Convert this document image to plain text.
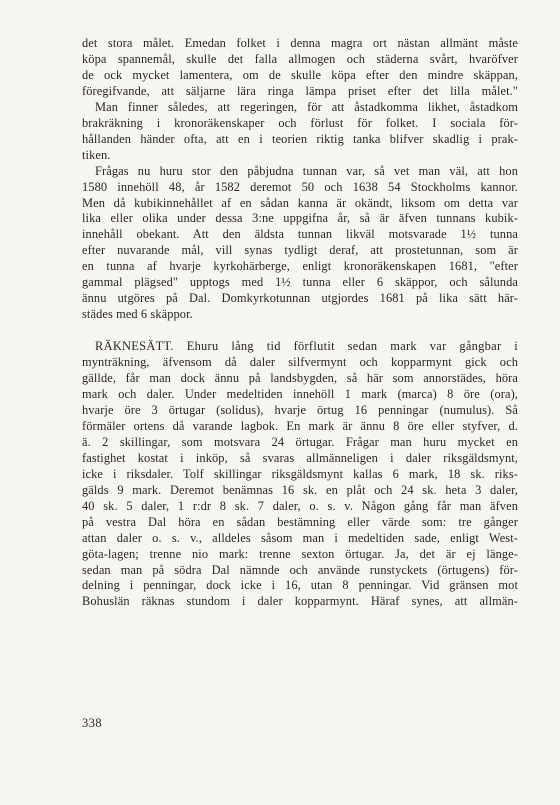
det stora målet. Emedan folket i denna magra ort nästan allmänt måste
köpa spannemål, skulle det falla allmogen och städerna svårt, hvaröfver
de ock mycket lamentera, om de skulle köpa efter den mindre skäppan,
föregifvande, att säljarne lära ringa lämpa priset efter det lilla målet."
Man finner således, att regeringen, för att åstadkomma likhet, åstadkom
brakräkning i kronoräkenskaper och förlust för folket. I sociala för-
hållanden händer ofta, att en i teorien riktig tanka blifver skadlig i prak-
tiken.
Frågas nu huru stor den påbjudna tunnan var, så vet man väl, att hon
1580 innehöll 48, år 1582 deremot 50 och 1638 54 Stockholms kannor.
Men då kubikinnehållet af en sådan kanna är okändt, liksom om detta var
lika eller olika under dessa 3:ne uppgifna år, så är äfven tunnans kubik-
innehåll obekant. Att den äldsta tunnan likväl motsvarade 1½ tunna
efter nuvarande mål, vill synas tydligt deraf, att prostetunnan, som är
en tunna af hvarje kyrkohärberge, enligt kronoräkenskapen 1681, "efter
gammal plägsed" upptogs med 1½ tunna eller 6 skäppor, och sålunda
ännu utgöres på Dal. Domkyrkotunnan utgjordes 1681 på lika sätt här-
städes med 6 skäppor.
RÄKNESÄTT. Ehuru lång tid förflutit sedan mark var gångbar i
mynträkning, äfvensom då daler silfvermynt och kopparmynt gick och
gällde, får man dock ännu på landsbygden, så här som annorstädes, höra
mark och daler. Under medeltiden innehöll 1 mark (marca) 8 öre (ora),
hvarje öre 3 örtugar (solidus), hvarje örtug 16 penningar (numulus). Så
förmäler ortens då varande lagbok. En mark är ännu 8 öre eller styfver, d.
ä. 2 skillingar, som motsvara 24 örtugar. Frågar man huru mycket en
fastighet kostat i inköp, så svaras allmänneligen i daler riksgäldsmynt,
icke i riksdaler. Tolf skillingar riksgäldsmynt kallas 6 mark, 18 sk. riks-
gälds 9 mark. Deremot benämnas 16 sk. en plåt och 24 sk. heta 3 daler,
40 sk. 5 daler, 1 r:dr 8 sk. 7 daler, o. s. v. Någon gång får man äfven
på vestra Dal höra en sådan bestämning eller värde som: tre gånger
attan daler o. s. v., alldeles såsom man i medeltiden sade, enligt West-
göta-lagen; trenne nio mark: trenne sexton örtugar. Ja, det är ej länge-
sedan man på södra Dal nämnde och använde runstyckets (örtugens) för-
delning i penningar, dock icke i 16, utan 8 penningar. Vid gränsen mot
Bohuslän räknas stundom i daler kopparmynt. Häraf synes, att allmän-
338
